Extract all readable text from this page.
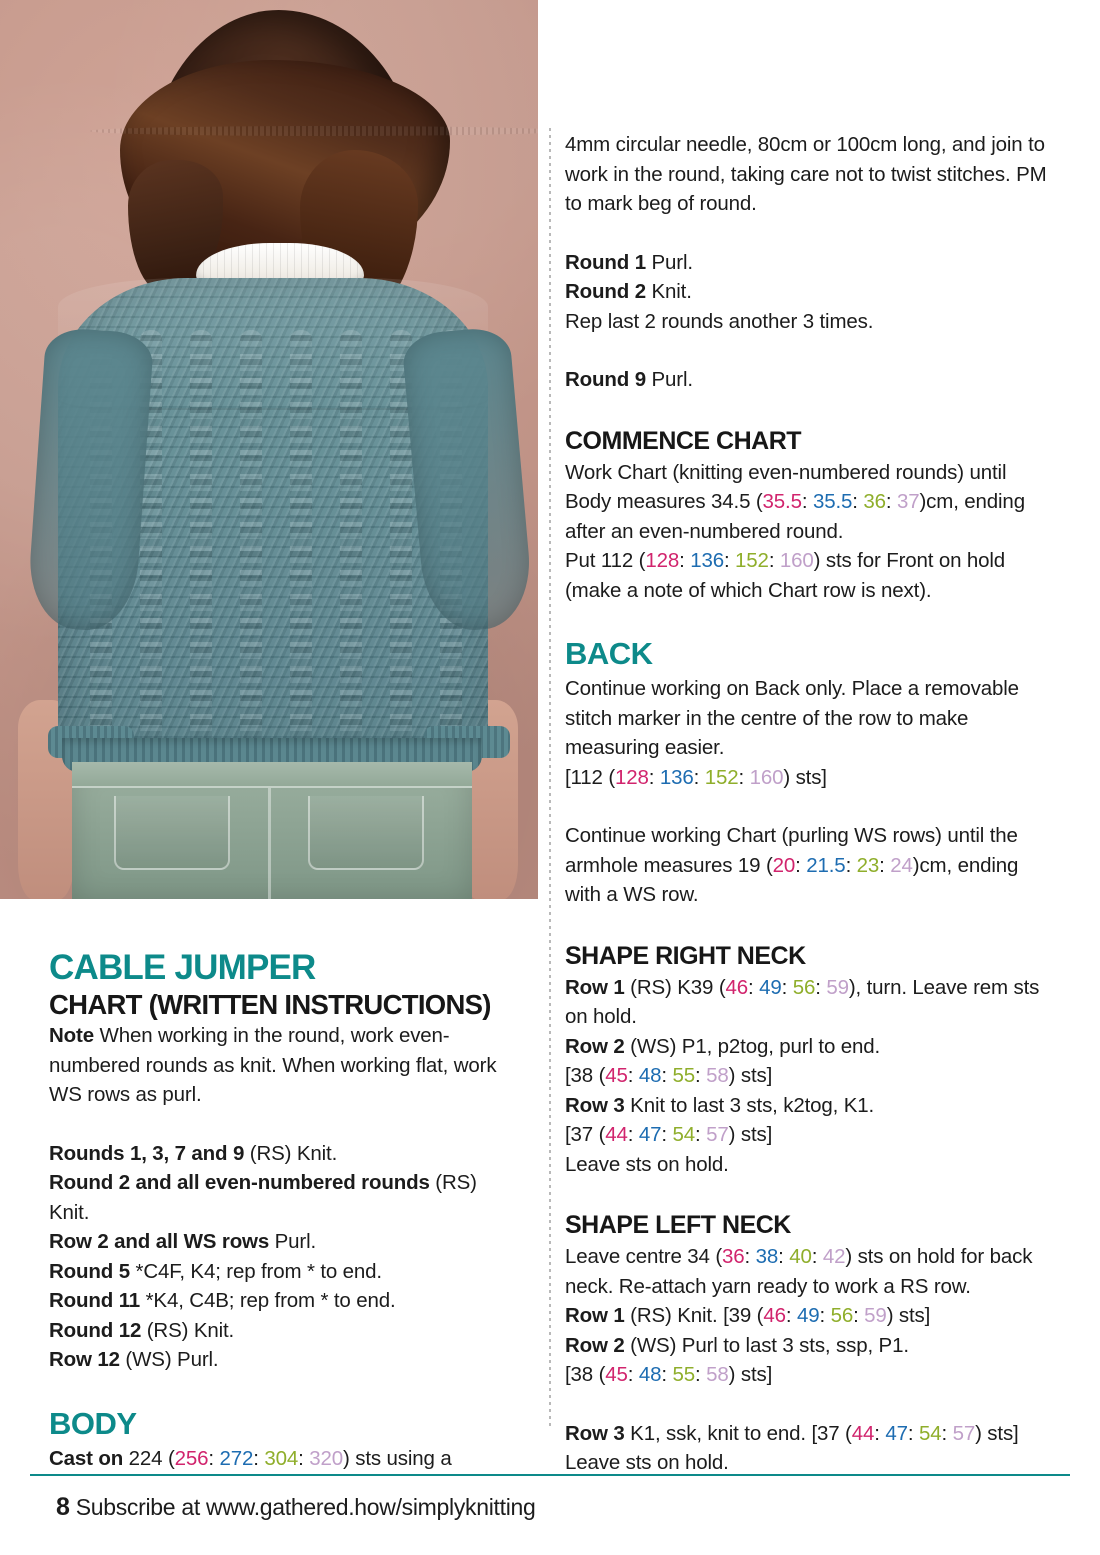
CABLE JUMPER
CHART (WRITTEN INSTRUCTIONS)

Note When working in the round, work even-numbered rounds as knit. When working flat, work WS rows as purl.

Rounds 1, 3, 7 and 9 (RS) Knit.

Round 2 and all even-numbered rounds (RS) Knit.

Row 2 and all WS rows Purl.

Round 5 *C4F, K4; rep from * to end.

Round 11 *K4, C4B; rep from * to end.

Round 12 (RS) Knit.

Row 12 (WS) Purl.

BODY

Cast on 224 (256: 272: 304: 320) sts using a

4mm circular needle, 80cm or 100cm long, and join to work in the round, taking care not to twist stitches. PM to mark beg of round.

Round 1 Purl.

Round 2 Knit.

Rep last 2 rounds another 3 times.

Round 9 Purl.

COMMENCE CHART

Work Chart (knitting even-numbered rounds) until Body measures 34.5 (35.5: 35.5: 36: 37)cm, ending after an even-numbered round.

Put 112 (128: 136: 152: 160) sts for Front on hold (make a note of which Chart row is next).

BACK

Continue working on Back only. Place a removable stitch marker in the centre of the row to make measuring easier.

[112 (128: 136: 152: 160) sts]

Continue working Chart (purling WS rows) until the armhole measures 19 (20: 21.5: 23: 24)cm, ending with a WS row.

SHAPE RIGHT NECK

Row 1 (RS) K39 (46: 49: 56: 59), turn. Leave rem sts on hold.

Row 2 (WS) P1, p2tog, purl to end.

[38 (45: 48: 55: 58) sts]

Row 3 Knit to last 3 sts, k2tog, K1.

[37 (44: 47: 54: 57) sts]

Leave sts on hold.

SHAPE LEFT NECK

Leave centre 34 (36: 38: 40: 42) sts on hold for back neck. Re-attach yarn ready to work a RS row.

Row 1 (RS) Knit. [39 (46: 49: 56: 59) sts]

Row 2 (WS) Purl to last 3 sts, ssp, P1.

[38 (45: 48: 55: 58) sts]

Row 3 K1, ssk, knit to end. [37 (44: 47: 54: 57) sts]

Leave sts on hold.

8 Subscribe at www.gathered.how/simplyknitting
